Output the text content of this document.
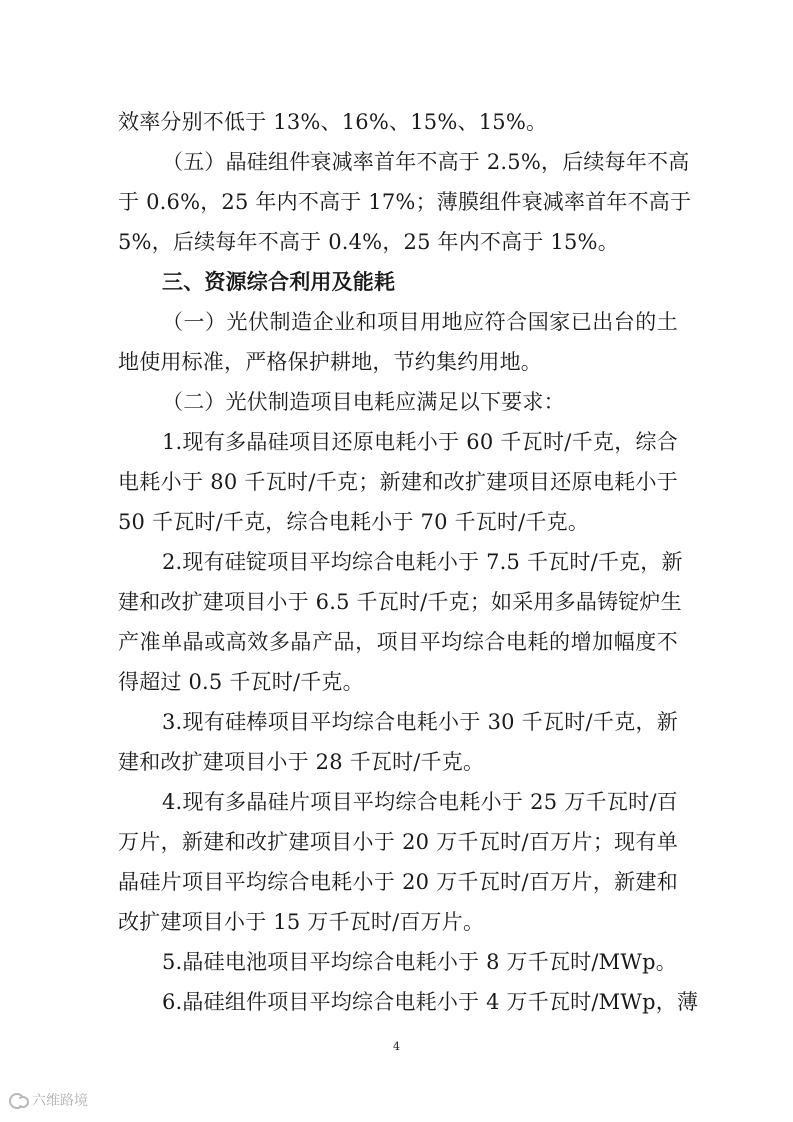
效率分别不低于 13%、16%、15%、15%。
（五）晶硅组件衰减率首年不高于 2.5%，后续每年不高
于 0.6%，25 年内不高于 17%；薄膜组件衰减率首年不高于
5%，后续每年不高于 0.4%，25 年内不高于 15%。
三、资源综合利用及能耗
（一）光伏制造企业和项目用地应符合国家已出台的土
地使用标准，严格保护耕地，节约集约用地。
（二）光伏制造项目电耗应满足以下要求：
1.现有多晶硅项目还原电耗小于 60 千瓦时/千克，综合
电耗小于 80 千瓦时/千克；新建和改扩建项目还原电耗小于
50 千瓦时/千克，综合电耗小于 70 千瓦时/千克。
2.现有硅锭项目平均综合电耗小于 7.5 千瓦时/千克，新
建和改扩建项目小于 6.5 千瓦时/千克；如采用多晶铸锭炉生
产准单晶或高效多晶产品，项目平均综合电耗的增加幅度不
得超过 0.5 千瓦时/千克。
3.现有硅棒项目平均综合电耗小于 30 千瓦时/千克，新
建和改扩建项目小于 28 千瓦时/千克。
4.现有多晶硅片项目平均综合电耗小于 25 万千瓦时/百
万片，新建和改扩建项目小于 20 万千瓦时/百万片；现有单
晶硅片项目平均综合电耗小于 20 万千瓦时/百万片，新建和
改扩建项目小于 15 万千瓦时/百万片。
5.晶硅电池项目平均综合电耗小于 8 万千瓦时/MWp。
6.晶硅组件项目平均综合电耗小于 4 万千瓦时/MWp，薄
4
六维路境
